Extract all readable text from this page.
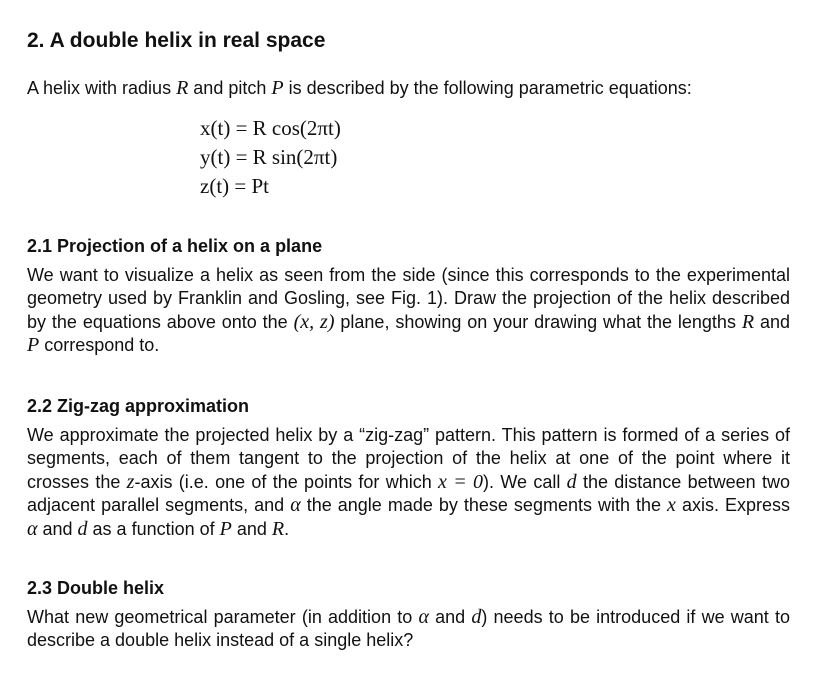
2. A double helix in real space
A helix with radius R and pitch P is described by the following parametric equations:
x(t) = R cos(2πt)
y(t) = R sin(2πt)
z(t) = Pt
2.1 Projection of a helix on a plane
We want to visualize a helix as seen from the side (since this corresponds to the experimental geometry used by Franklin and Gosling, see Fig. 1). Draw the projection of the helix described by the equations above onto the (x, z) plane, showing on your drawing what the lengths R and P correspond to.
2.2 Zig-zag approximation
We approximate the projected helix by a “zig-zag” pattern. This pattern is formed of a series of segments, each of them tangent to the projection of the helix at one of the point where it crosses the z-axis (i.e. one of the points for which x = 0). We call d the distance between two adjacent parallel segments, and α the angle made by these segments with the x axis. Express α and d as a function of P and R.
2.3 Double helix
What new geometrical parameter (in addition to α and d) needs to be introduced if we want to describe a double helix instead of a single helix?
